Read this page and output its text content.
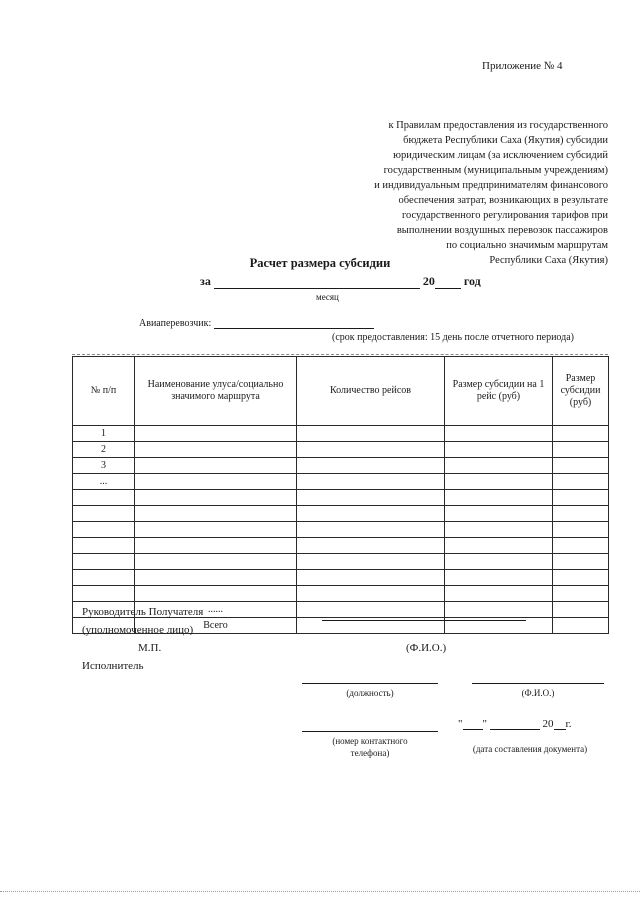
Приложение № 4
к Правилам предоставления из государственного
бюджета Республики Саха (Якутия) субсидии
юридическим лицам (за исключением субсидий
государственным (муниципальным учреждениям)
и индивидуальным предпринимателям финансового
обеспечения затрат, возникающих в результате
государственного регулирования тарифов при
выполнении воздушных перевозок пассажиров
по социально значимым маршрутам
Республики Саха (Якутия)
Расчет размера субсидии
за	20 год
месяц
Авиаперевозчик:
(срок предоставления: 15 день после отчетного периода)
№ п/п	Наименование улуса/социально значимого маршрута	Количество рейсов	Размер субсидии на 1 рейс (руб)	Размер субсидии (руб)
1				
2				
3				
...				

	......			
	Всего			
Руководитель Получателя
(уполномоченное лицо)
М.П.	(Ф.И.О.)
Исполнитель
(должность)	(Ф.И.О.)
(номер контактного
телефона)
" "	20 г.
(дата составления документа)
